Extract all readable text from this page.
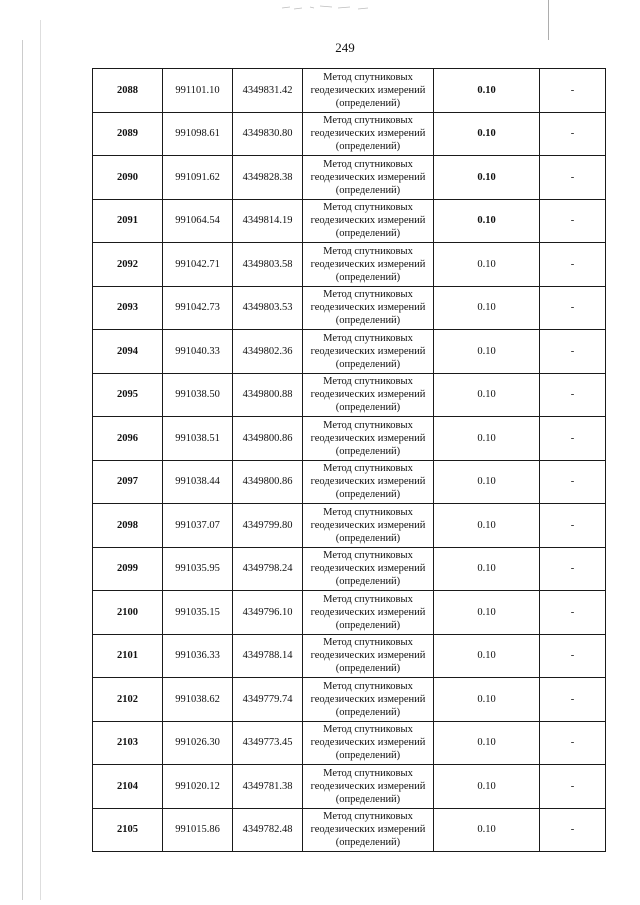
249
2088	991101.10	4349831.42	Метод спутниковых
геодезических измерений
(определений)	0.10	-
2089	991098.61	4349830.80	Метод спутниковых
геодезических измерений
(определений)	0.10	-
2090	991091.62	4349828.38	Метод спутниковых
геодезических измерений
(определений)	0.10	-
2091	991064.54	4349814.19	Метод спутниковых
геодезических измерений
(определений)	0.10	-
2092	991042.71	4349803.58	Метод спутниковых
геодезических измерений
(определений)	0.10	-
2093	991042.73	4349803.53	Метод спутниковых
геодезических измерений
(определений)	0.10	-
2094	991040.33	4349802.36	Метод спутниковых
геодезических измерений
(определений)	0.10	-
2095	991038.50	4349800.88	Метод спутниковых
геодезических измерений
(определений)	0.10	-
2096	991038.51	4349800.86	Метод спутниковых
геодезических измерений
(определений)	0.10	-
2097	991038.44	4349800.86	Метод спутниковых
геодезических измерений
(определений)	0.10	-
2098	991037.07	4349799.80	Метод спутниковых
геодезических измерений
(определений)	0.10	-
2099	991035.95	4349798.24	Метод спутниковых
геодезических измерений
(определений)	0.10	-
2100	991035.15	4349796.10	Метод спутниковых
геодезических измерений
(определений)	0.10	-
2101	991036.33	4349788.14	Метод спутниковых
геодезических измерений
(определений)	0.10	-
2102	991038.62	4349779.74	Метод спутниковых
геодезических измерений
(определений)	0.10	-
2103	991026.30	4349773.45	Метод спутниковых
геодезических измерений
(определений)	0.10	-
2104	991020.12	4349781.38	Метод спутниковых
геодезических измерений
(определений)	0.10	-
2105	991015.86	4349782.48	Метод спутниковых
геодезических измерений
(определений)	0.10	-
